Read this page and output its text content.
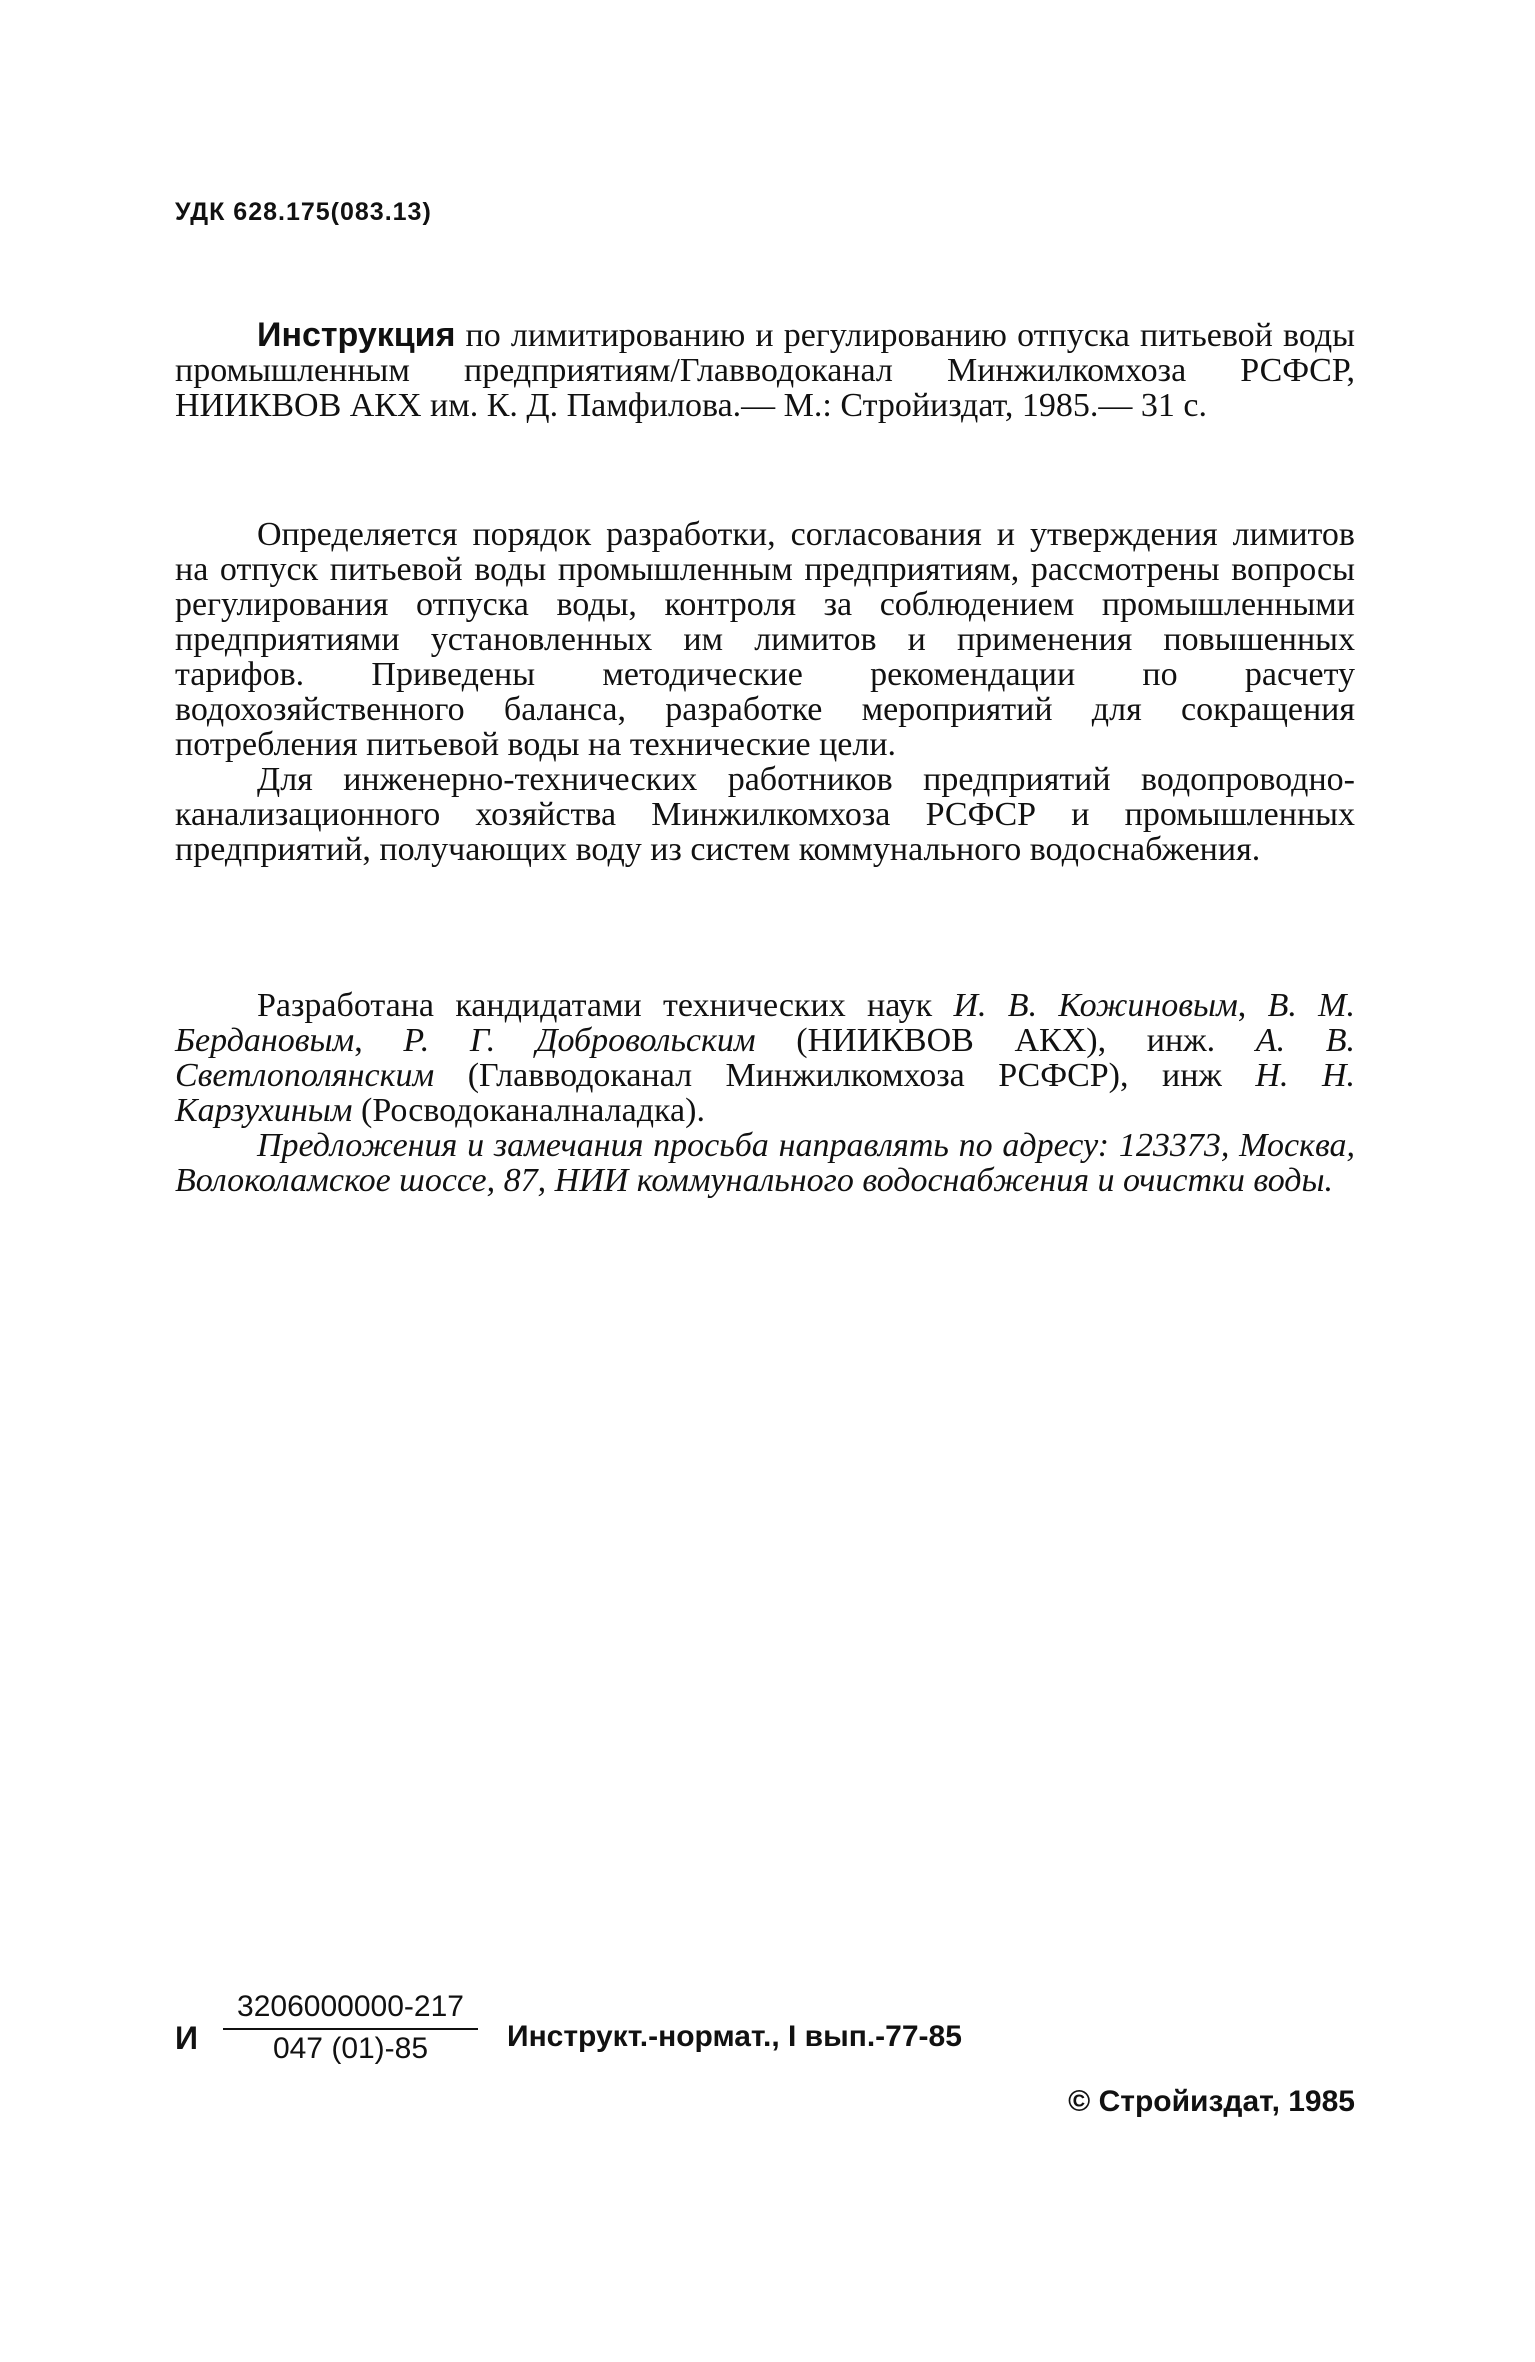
УДК 628.175(083.13)

Инструкция по лимитированию и регулированию отпуска питьевой воды промышленным предприятиям/Главводоканал Минжилкомхоза РСФСР, НИИКВОВ АКХ им. К. Д. Памфилова.— М.: Стройиздат, 1985.— 31 с.

Определяется порядок разработки, согласования и утверждения лимитов на отпуск питьевой воды промышленным предприятиям, рассмотрены вопросы регулирования отпуска воды, контроля за соблюдением промышленными предприятиями установленных им лимитов и применения повышенных тарифов. Приведены методические рекомендации по расчету водохозяйственного баланса, разработке мероприятий для сокращения потребления питьевой воды на технические цели.

Для инженерно-технических работников предприятий водопроводно-канализационного хозяйства Минжилкомхоза РСФСР и промышленных предприятий, получающих воду из систем коммунального водоснабжения.

Разработана кандидатами технических наук И. В. Кожиновым, В. М. Бердановым, Р. Г. Добровольским (НИИКВОВ АКХ), инж. А. В. Светлополянским (Главводоканал Минжилкомхоза РСФСР), инж Н. Н. Карзухиным (Росводоканалналадка).

Предложения и замечания просьба направлять по адресу: 123373, Москва, Волоколамское шоссе, 87, НИИ коммунального водоснабжения и очистки воды.

И $\frac{3206000000-217}{047 (01)-85}$ Инструкт.-нормат., I вып.-77-85
© Стройиздат, 1985
